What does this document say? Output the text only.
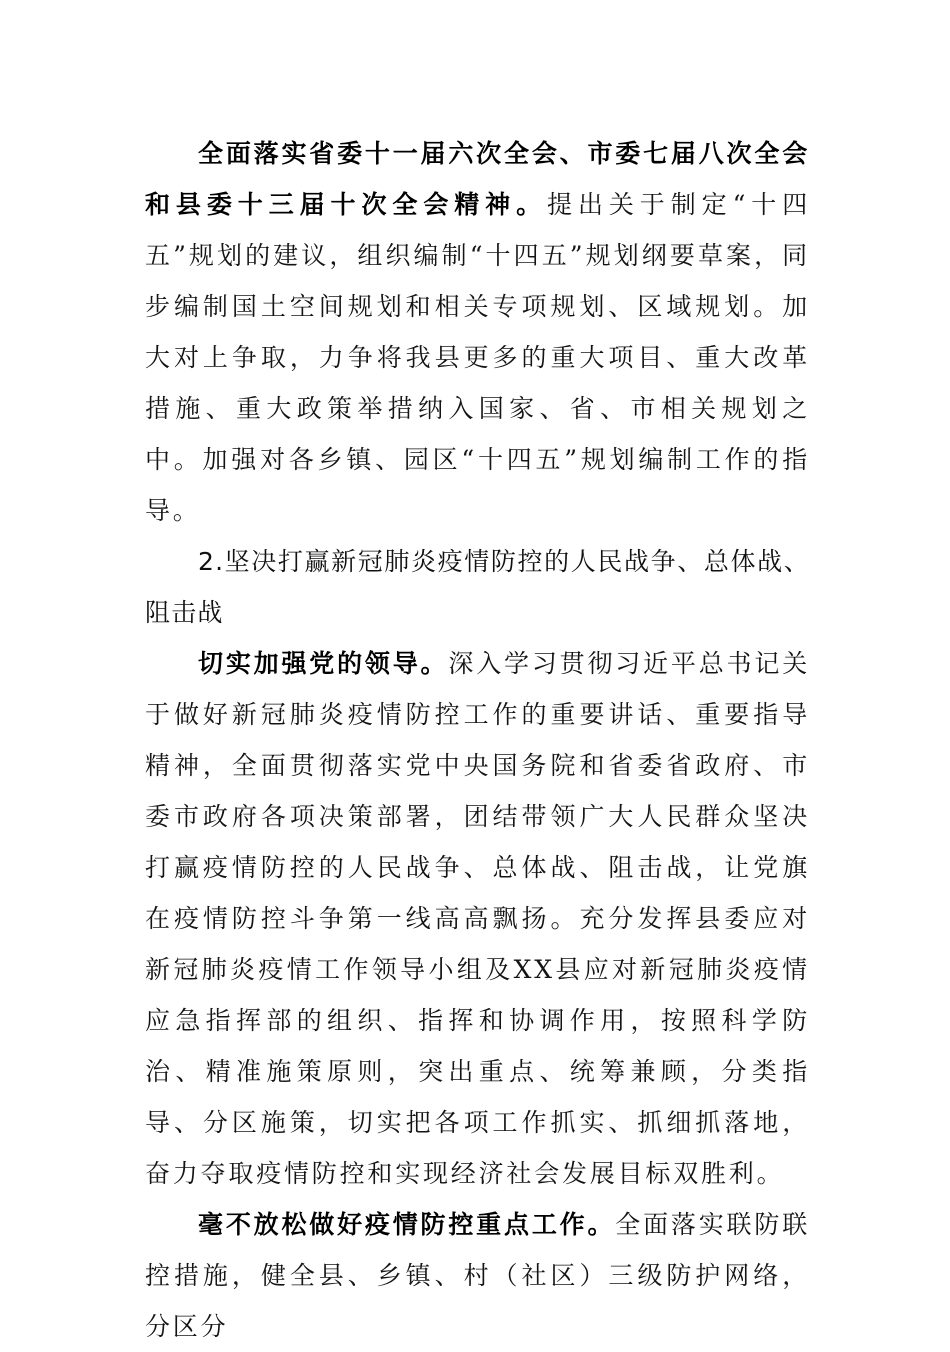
全面落实省委十一届六次全会、市委七届八次全会和县委十三届十次全会精神。提出关于制定“十四五”规划的建议，组织编制“十四五”规划纲要草案，同步编制国土空间规划和相关专项规划、区域规划。加大对上争取，力争将我县更多的重大项目、重大改革措施、重大政策举措纳入国家、省、市相关规划之中。加强对各乡镇、园区“十四五”规划编制工作的指导。

2.坚决打赢新冠肺炎疫情防控的人民战争、总体战、阻击战

切实加强党的领导。深入学习贯彻习近平总书记关于做好新冠肺炎疫情防控工作的重要讲话、重要指导精神，全面贯彻落实党中央国务院和省委省政府、市委市政府各项决策部署，团结带领广大人民群众坚决打赢疫情防控的人民战争、总体战、阻击战，让党旗在疫情防控斗争第一线高高飘扬。充分发挥县委应对新冠肺炎疫情工作领导小组及XX县应对新冠肺炎疫情应急指挥部的组织、指挥和协调作用，按照科学防治、精准施策原则，突出重点、统筹兼顾，分类指导、分区施策，切实把各项工作抓实、抓细抓落地，奋力夺取疫情防控和实现经济社会发展目标双胜利。

毫不放松做好疫情防控重点工作。全面落实联防联控措施，健全县、乡镇、村（社区）三级防护网络，分区分
